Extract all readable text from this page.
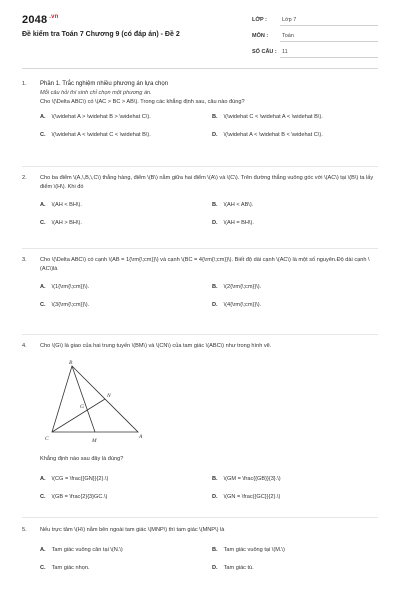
2048 $^{.vn}$
Đề kiểm tra Toán 7 Chương 9 (có đáp án) - Đề 2
LỚP :	Lớp 7
MÔN :	Toán
SỐ CÂU : 11
1. Phần 1. Trắc nghiệm nhiều phương án lựa chọn
Mỗi câu hỏi thí sinh chỉ chọn một phương án.
Cho \(\Delta ABC\) có \(AC > BC > AB\). Trong các khẳng định sau, câu nào đúng?
A. \(\widehat A > \widehat B > \widehat C\).	B. \(\widehat C < \widehat A < \widehat B\).
C. \(\widehat A < \widehat C < \widehat B\).	D. \(\widehat A < \widehat B < \widehat C\).
2. Cho ba điểm \(A,\,B,\,C\) thẳng hàng, điểm \(B\) nằm giữa hai điểm \(A\) và \(C\). Trên đường thẳng vuông góc với \(AC\) tại \(B\) ta lấy điểm \(H\). Khi đó
A. \(AH < BH\).	B. \(AH < AB\).
C. \(AH > BH\).	D. \(AH = BH\).
3. Cho \(\Delta ABC\) có cạnh \(AB = 1{\rm{\;cm}}\) và cạnh \(BC = 4{\rm{\;cm}}\). Biết độ dài cạnh \(AC\) là một số nguyên.Độ dài cạnh \(AC\)là
A. \(1{\rm{\;cm}}\).	B. \(2{\rm{\;cm}}\).
C. \(3{\rm{\;cm}}\).	D. \(4{\rm{\;cm}}\).
4. Cho \(G\) là giao của hai trung tuyến \(BM\) và \(CN\) của tam giác \(ABC\) như trong hình vẽ.
B
C	A
M
N
G
Khẳng định nào sau đây là đúng?
A. \(CG = \frac{{GN}}{2}.\)	B. \(GM = \frac{{GB}}{3}.\)
C. \(GB = \frac{2}{3}GC.\)	D. \(GN = \frac{{GC}}{2}.\)
5. Nếu trực tâm \(H\) nằm bên ngoài tam giác \(MNP\) thì tam giác \(MNP\) là
A. Tam giác vuông cân tại \(N.\)	B. Tam giác vuông tại \(M.\)
C. Tam giác nhọn.	D. Tam giác tù.
